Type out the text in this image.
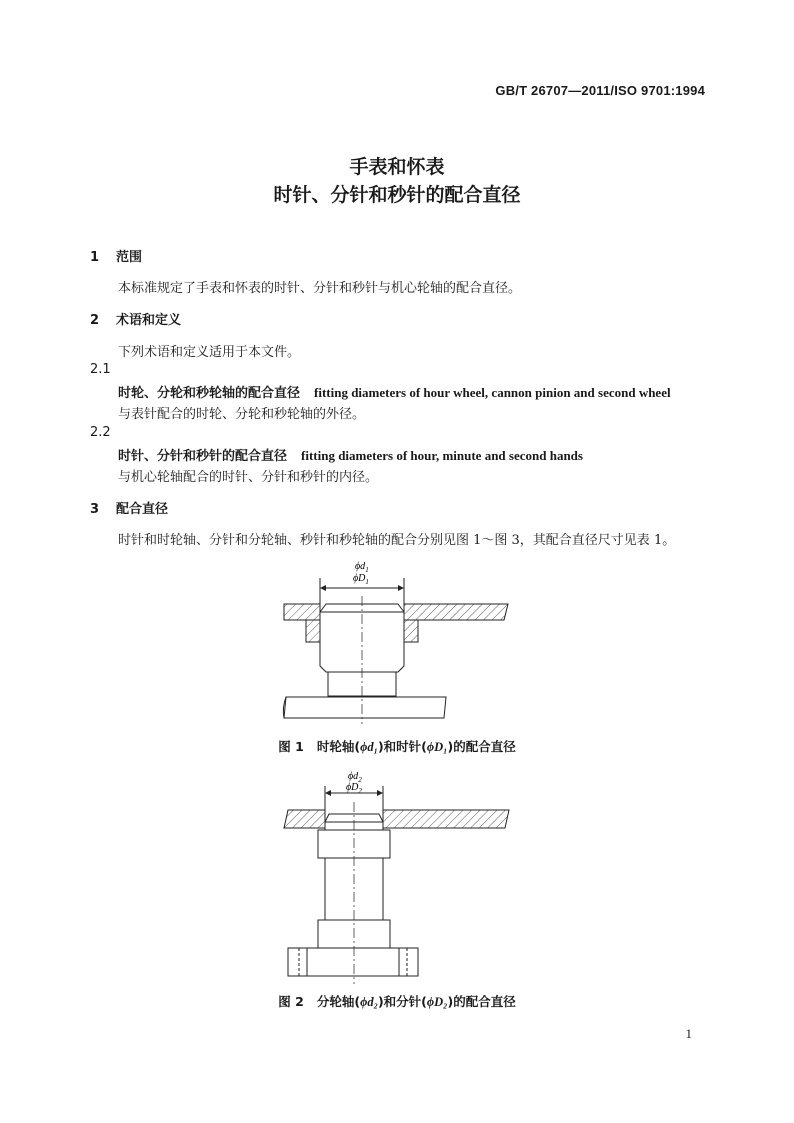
GB/T 26707—2011/ISO 9701:1994
手表和怀表
时针、分针和秒针的配合直径
1 范围
本标准规定了手表和怀表的时针、分针和秒针与机心轮轴的配合直径。
2 术语和定义
下列术语和定义适用于本文件。
2.1
时轮、分轮和秒轮轴的配合直径 fitting diameters of hour wheel, cannon pinion and second wheel
与表针配合的时轮、分轮和秒轮轴的外径。
2.2
时针、分针和秒针的配合直径 fitting diameters of hour, minute and second hands
与机心轮轴配合的时针、分针和秒针的内径。
3 配合直径
时针和时轮轴、分针和分轮轴、秒针和秒轮轴的配合分别见图 1～图 3，其配合直径尺寸见表 1。
$\phi d_1$
$\phi D_1$
$\phi d_2$
$\phi D_2$
图 1 时轮轴(ϕd₁)和时针(ϕD₁)的配合直径
图 2 分轮轴(ϕd₂)和分针(ϕD₂)的配合直径
1
